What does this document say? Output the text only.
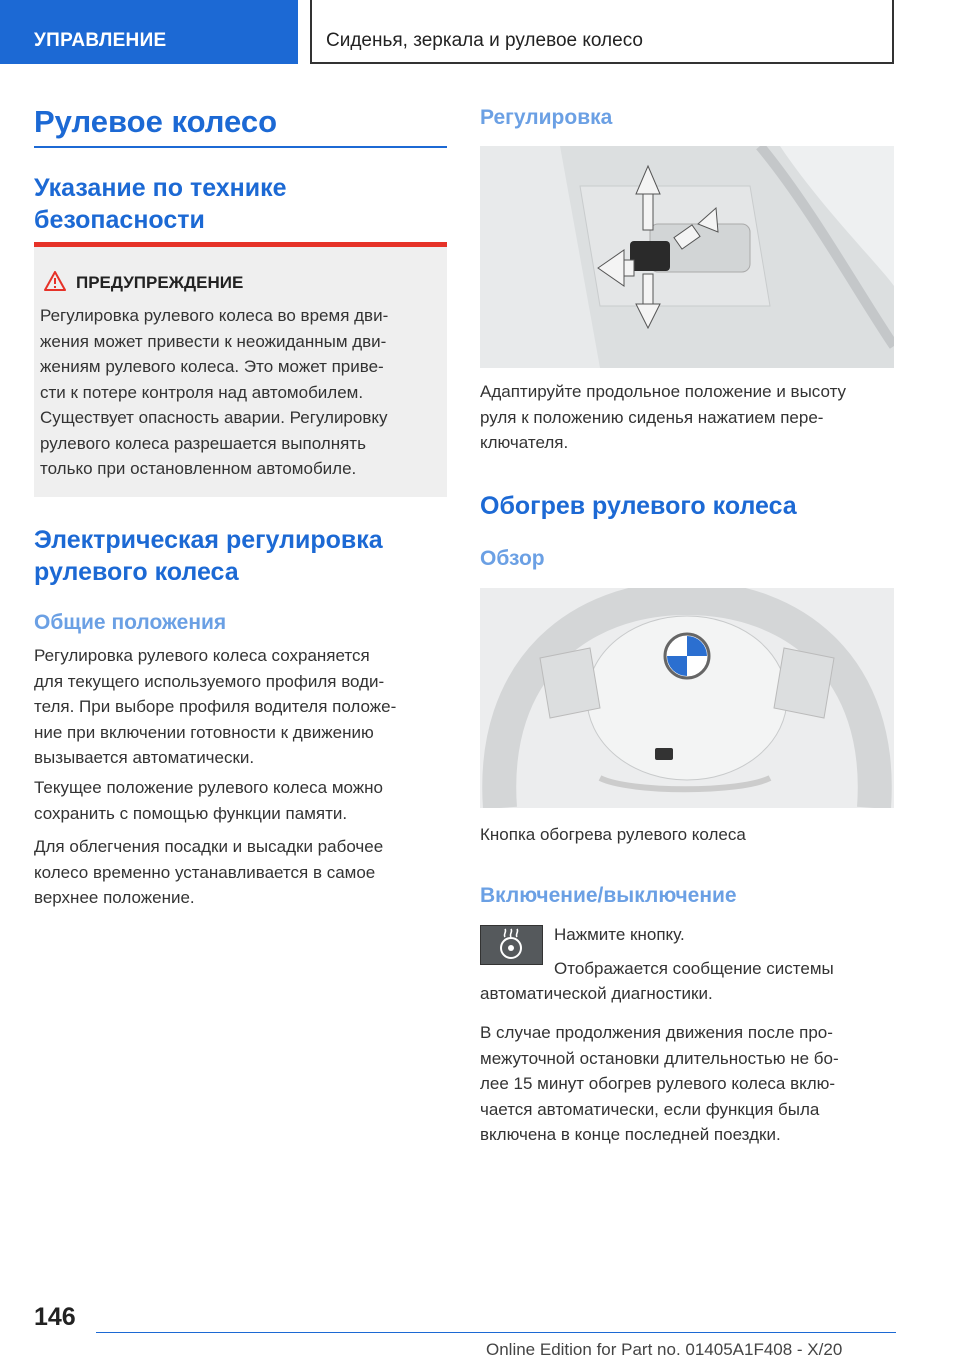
УПРАВЛЕНИЕ	Сиденья, зеркала и рулевое колесо
Рулевое колесо
Указание по технике
безопасности
ПРЕДУПРЕЖДЕНИЕ
Регулировка рулевого колеса во время дви-
жения может привести к неожиданным дви-
жениям рулевого колеса. Это может приве-
сти к потере контроля над автомобилем.
Существует опасность аварии. Регулировку
рулевого колеса разрешается выполнять
только при остановленном автомобиле.
Электрическая регулировка
рулевого колеса
Общие положения
Регулировка рулевого колеса сохраняется
для текущего используемого профиля води-
теля. При выборе профиля водителя положе-
ние при включении готовности к движению
вызывается автоматически.
Текущее положение рулевого колеса можно
сохранить с помощью функции памяти.
Для облегчения посадки и высадки рабочее
колесо временно устанавливается в самое
верхнее положение.
Регулировка
Адаптируйте продольное положение и высоту
руля к положению сиденья нажатием пере-
ключателя.
Обогрев рулевого колеса
Обзор
Кнопка обогрева рулевого колеса
Включение/выключение
Нажмите кнопку.
Отображается сообщение системы
автоматической диагностики.
В случае продолжения движения после про-
межуточной остановки длительностью не бо-
лее 15 минут обогрев рулевого колеса вклю-
чается автоматически, если функция была
включена в конце последней поездки.
146
Online Edition for Part no. 01405A1F408 - X/20
